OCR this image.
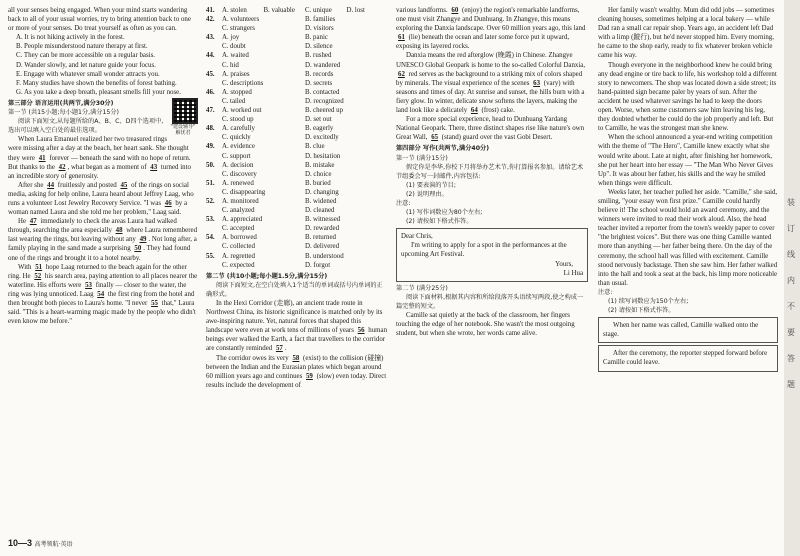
all your senses being engaged. When your mind starts wandering back to all of your usual worries, try to bring attention back to one or more of your senses. Do treat yourself as often as you can.

A. It is not hiking actively in the forest.

B. People misunderstood nature therapy at first.

C. They can be more accessible on a regular basis.

D. Wander slowly, and let nature guide your focus.

E. Engage with whatever small wonder attracts you.

F. Many studies have shown the benefits of forest bathing.

G. As you take a deep breath, pleasant smells fill your nose.

"建设辅导" 解忧君

第三部分 语言运用(共两节,满分30分)

第一节 (共15小题;每小题1分,满分15分)

阅读下面短文,从每题所给的A、B、C、D四个选项中,选出可以填入空白处的最佳选项。

When Laura Emanuel realized her two treasured rings were missing after a day at the beach, her heart sank. She thought they were 41 forever — beneath the sand with no hope of return. But thanks to the 42 , what began as a moment of 43 turned into an incredible story of generosity.

After she 44 fruitlessly and posted 45 of the rings on social media, asking for help online, Laura heard about Jeffrey Laag, who runs a volunteer Lost Jewelry Recovery Service. "I was 46 by a woman named Laura and she told me her problem," Laag said.

He 47 immediately to check the areas Laura had walked through, searching the area especially 48 where Laura remembered last wearing the rings, but leaving without any 49 . Not long after, a family playing in the sand made a surprising 50 . They had found one of the rings and brought it to a hotel nearby.

With 51 hope Laag returned to the beach again for the other ring. He 52 his search area, paying attention to all places nearer the waterline. His efforts were 53 finally — closer to the water, the ring was lying unnoticed. Laag 54 the first ring from the hotel and then brought both pieces to Laura's home. "I never 55 that," Laura said. "This is a heart-warming magic made by the people who didn't even know me before."

41.	A. stolen	B. valuable	C. unique	D. lost
42.	A. volunteers	B. families
C. strangers	D. visitors
43.	A. joy	B. panic
C. doubt	D. silence
44.	A. waited	B. rushed
C. hid	D. wandered
45.	A. praises	B. records
C. descriptions	D. secrets
46.	A. stopped	B. contacted
C. tailed	D. recognized
47.	A. worked out	B. cheered up
C. stood up	D. set out
48.	A. carefully	B. eagerly
C. quickly	D. excitedly
49.	A. evidence	B. clue
C. support	D. hesitation
50.	A. decision	B. mistake
C. discovery	D. choice
51.	A. renewed	B. buried
C. disappearing	D. changing
52.	A. monitored	B. widened
C. analyzed	D. cleaned
53.	A. appreciated	B. witnessed
C. accepted	D. rewarded
54.	A. borrowed	B. returned
C. collected	D. delivered
55.	A. regretted	B. understood
C. expected	D. forgot

第二节 (共10小题;每小题1.5分,满分15分)

阅读下面短文,在空白处填入1个适当的单词或括号内单词的正确形式。

In the Hexi Corridor (走廊), an ancient trade route in Northwest China, its historic significance is matched only by its awe-inspiring nature. Yet, natural forces that shaped this landscape were even at work tens of millions of years 56 human beings ever walked the Earth, a fact that travellers to the corridor are constantly reminded 57 .

The corridor owes its very 58 (exist) to the collision (碰撞) between the Indian and the Eurasian plates which began around 60 million years ago and continues 59 (slow) even today. Direct results include the development of

various landforms. 60 (enjoy) the region's remarkable landforms, one must visit Zhangye and Dunhuang. In Zhangye, this means exploring the Danxia landscape. Over 60 million years ago, this land 61 (lie) beneath the ocean and later some force put it upward, exposing its layered rocks.

Danxia means the red afterglow (晚霞) in Chinese. Zhangye UNESCO Global Geopark is home to the so-called Colorful Danxia, 62 red serves as the background to a striking mix of colors shaped by minerals. The visual experience of the scenes 63 (vary) with seasons and times of day. At sunrise and sunset, the hills burn with a fiery glow. In winter, delicate snow softens the layers, making the land look like a delicately 64 (frost) cake.

For a more special experience, head to Dunhuang Yardang National Geopark. There, three distinct shapes rise like nature's own Great Wall, 65 (stand) guard over the vast Gobi Desert.

第四部分 写作(共两节,满分40分)

第一节 (满分15分)

假定你是李华,你校下月将举办艺术节,你打算报名参加。请给艺术节组委会写一封邮件,内容包括:

(1) 要表演的节目;

(2) 说明理由。

注意:

(1) 写作词数应为80个左右;

(2) 请按如下格式作答。

Dear Chris,

I'm writing to apply for a spot in the performances at the upcoming Art Festival.

Yours,

Li Hua

第二节 (满分25分)

阅读下面材料,根据其内容和所给段落开头语续写两段,使之构成一篇完整的短文。

Camille sat quietly at the back of the classroom, her fingers touching the edge of her notebook. She wasn't the most outgoing student, but when she wrote, her words came alive.

Her family wasn't wealthy. Mum did odd jobs — sometimes cleaning houses, sometimes helping at a local bakery — while Dad ran a small car repair shop. Years ago, an accident left Dad with a limp (跛行), but he'd never stopped him. Every morning, he came to the shop early, ready to fix whatever broken vehicle came his way.

Though everyone in the neighborhood knew he could bring any dead engine or tire back to life, his workshop told a different story to newcomers. The shop was located down a side street; its hand-painted sign became paler by years of sun. After the accident he used whatever savings he had to keep the doors open. Worse, when some customers saw him leaving his leg, they doubted whether he could do the job properly and left. But to Camille, he was the strongest man she knew.

When the school announced a year-end writing competition with the theme of "The Hero", Camille knew exactly what she would write about. Late at night, after finishing her homework, she put her heart into her essay — "The Man Who Never Gives Up". It was about her father, his skills and the way he smiled when things were difficult.

Weeks later, her teacher pulled her aside. "Camille," she said, smiling, "your essay won first prize." Camille could hardly believe it! The school would hold an award ceremony, and the winners were invited to read their work aloud. Also, the head teacher invited a reporter from the town's weekly paper to cover "the brightest voices". But there was one thing Camille wanted more than anything — her father being there. On the day of the ceremony, the school hall was filled with excitement. Camille stood nervously backstage. Then she saw him. Her father walked into the hall and took a seat at the back, his limp more noticeable than usual.

注意:

(1) 续写词数应为150个左右;

(2) 请按如下格式作答。

When her name was called, Camille walked onto the stage.

After the ceremony, the reporter stepped forward before Camille could leave.

装
订
线
内
不
要
答
题
10—3 高考领航·英语
